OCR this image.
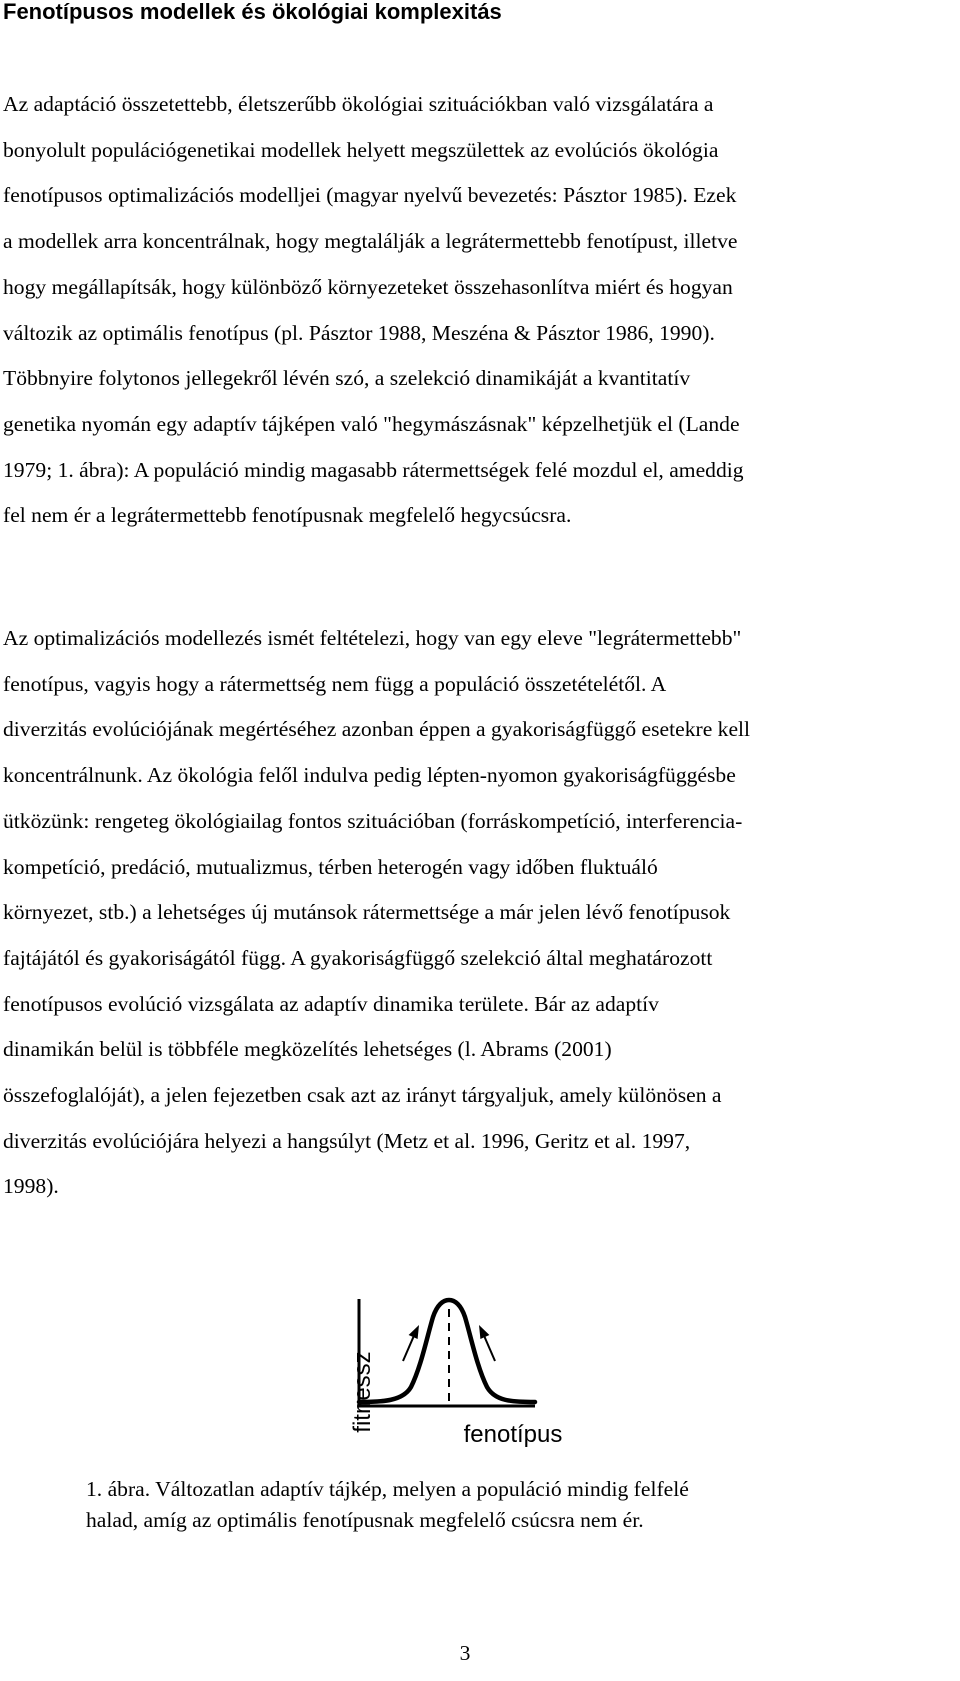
Fenotípusos modellek és ökológiai komplexitás

Az adaptáció összetettebb, életszerűbb ökológiai szituációkban való vizsgálatára a
bonyolult populációgenetikai modellek helyett megszülettek az evolúciós ökológia
fenotípusos optimalizációs modelljei (magyar nyelvű bevezetés: Pásztor 1985). Ezek
a modellek arra koncentrálnak, hogy megtalálják a legrátermettebb fenotípust, illetve
hogy megállapítsák, hogy különböző környezeteket összehasonlítva miért és hogyan
változik az optimális fenotípus (pl. Pásztor 1988, Meszéna & Pásztor 1986, 1990).
Többnyire folytonos jellegekről lévén szó, a szelekció dinamikáját a kvantitatív
genetika nyomán egy adaptív tájképen való "hegymászásnak" képzelhetjük el (Lande
1979; 1. ábra): A populáció mindig magasabb rátermettségek felé mozdul el, ameddig
fel nem ér a legrátermettebb fenotípusnak megfelelő hegycsúcsra.

Az optimalizációs modellezés ismét feltételezi, hogy van egy eleve "legrátermettebb"
fenotípus, vagyis hogy a rátermettség nem függ a populáció összetételétől. A
diverzitás evolúciójának megértéséhez azonban éppen a gyakoriságfüggő esetekre kell
koncentrálnunk. Az ökológia felől indulva pedig lépten-nyomon gyakoriságfüggésbe
ütközünk: rengeteg ökológiailag fontos szituációban (forráskompetíció, interferencia-
kompetíció, predáció, mutualizmus, térben heterogén vagy időben fluktuáló
környezet, stb.) a lehetséges új mutánsok rátermettsége a már jelen lévő fenotípusok
fajtájától és gyakoriságától függ. A gyakoriságfüggő szelekció által meghatározott
fenotípusos evolúció vizsgálata az adaptív dinamika területe. Bár az adaptív
dinamikán belül is többféle megközelítés lehetséges (l. Abrams (2001)
összefoglalóját), a jelen fejezetben csak azt az irányt tárgyaljuk, amely különösen a
diverzitás evolúciójára helyezi a hangsúlyt (Metz et al. 1996, Geritz et al. 1997,
1998).

fitnessz
fenotípus

1. ábra. Változatlan adaptív tájkép, melyen a populáció mindig felfelé
halad, amíg az optimális fenotípusnak megfelelő csúcsra nem ér.

3
